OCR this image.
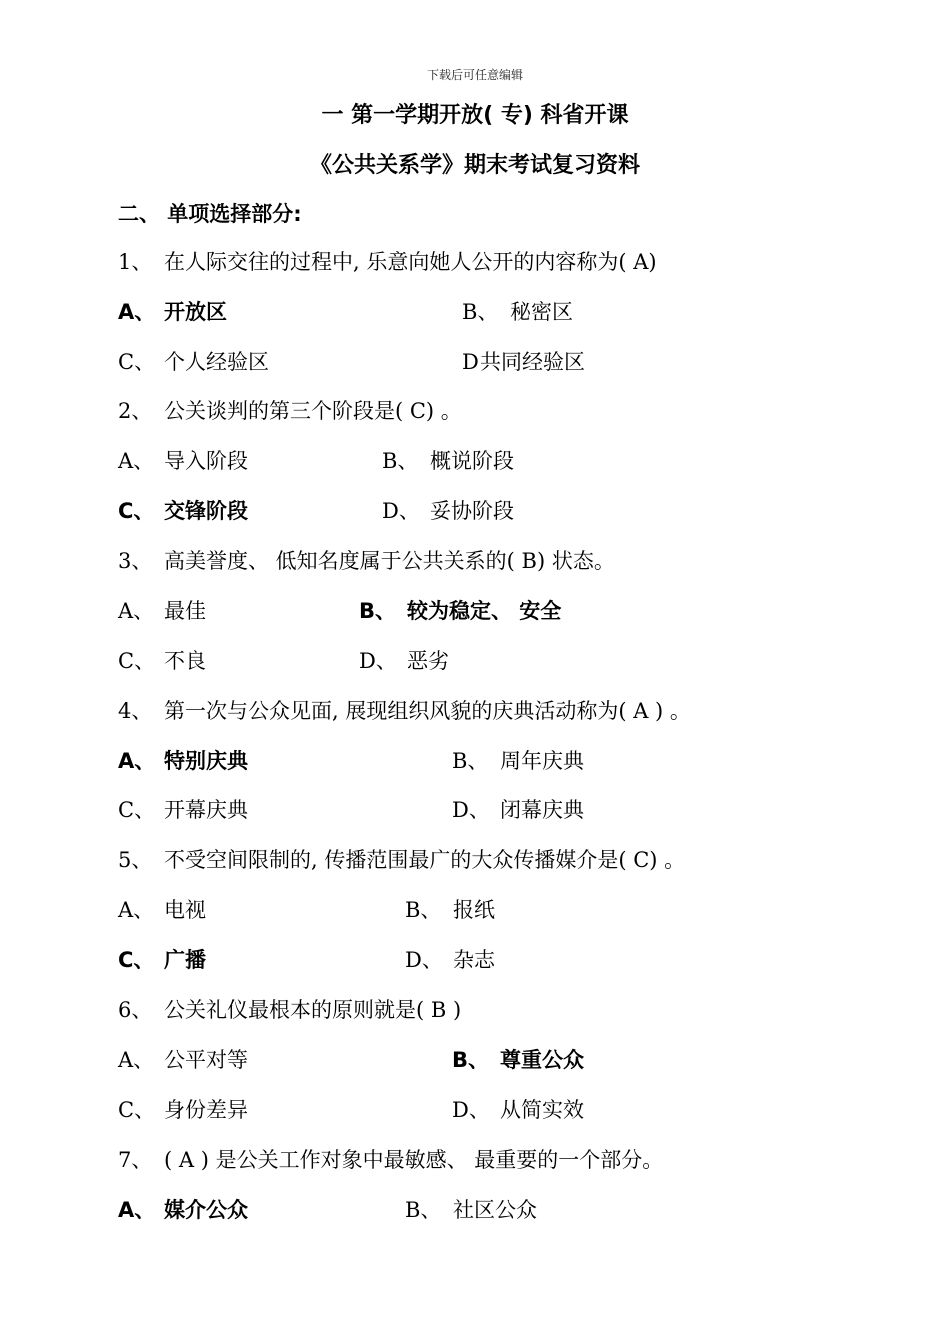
下载后可任意编辑
一 第一学期开放( 专) 科省开课
《公共关系学》期末考试复习资料
二、 单项选择部分:
1、 在人际交往的过程中, 乐意向她人公开的内容称为( A)
A、 开放区	B、 秘密区
C、 个人经验区	D 共同经验区
2、 公关谈判的第三个阶段是( C) 。
A、 导入阶段	B、 概说阶段
C、 交锋阶段	D、 妥协阶段
3、 高美誉度、 低知名度属于公共关系的( B) 状态。
A、 最佳	B、 较为稳定、 安全
C、 不良	D、 恶劣
4、 第一次与公众见面, 展现组织风貌的庆典活动称为( A ) 。
A、 特别庆典	B、 周年庆典
C、 开幕庆典	D、 闭幕庆典
5、 不受空间限制的, 传播范围最广的大众传播媒介是( C) 。
A、 电视	B、 报纸
C、 广播	D、 杂志
6、 公关礼仪最根本的原则就是( B )
A、 公平对等	B、 尊重公众
C、 身份差异	D、 从简实效
7、 ( A ) 是公关工作对象中最敏感、 最重要的一个部分。
A、 媒介公众	B、 社区公众
